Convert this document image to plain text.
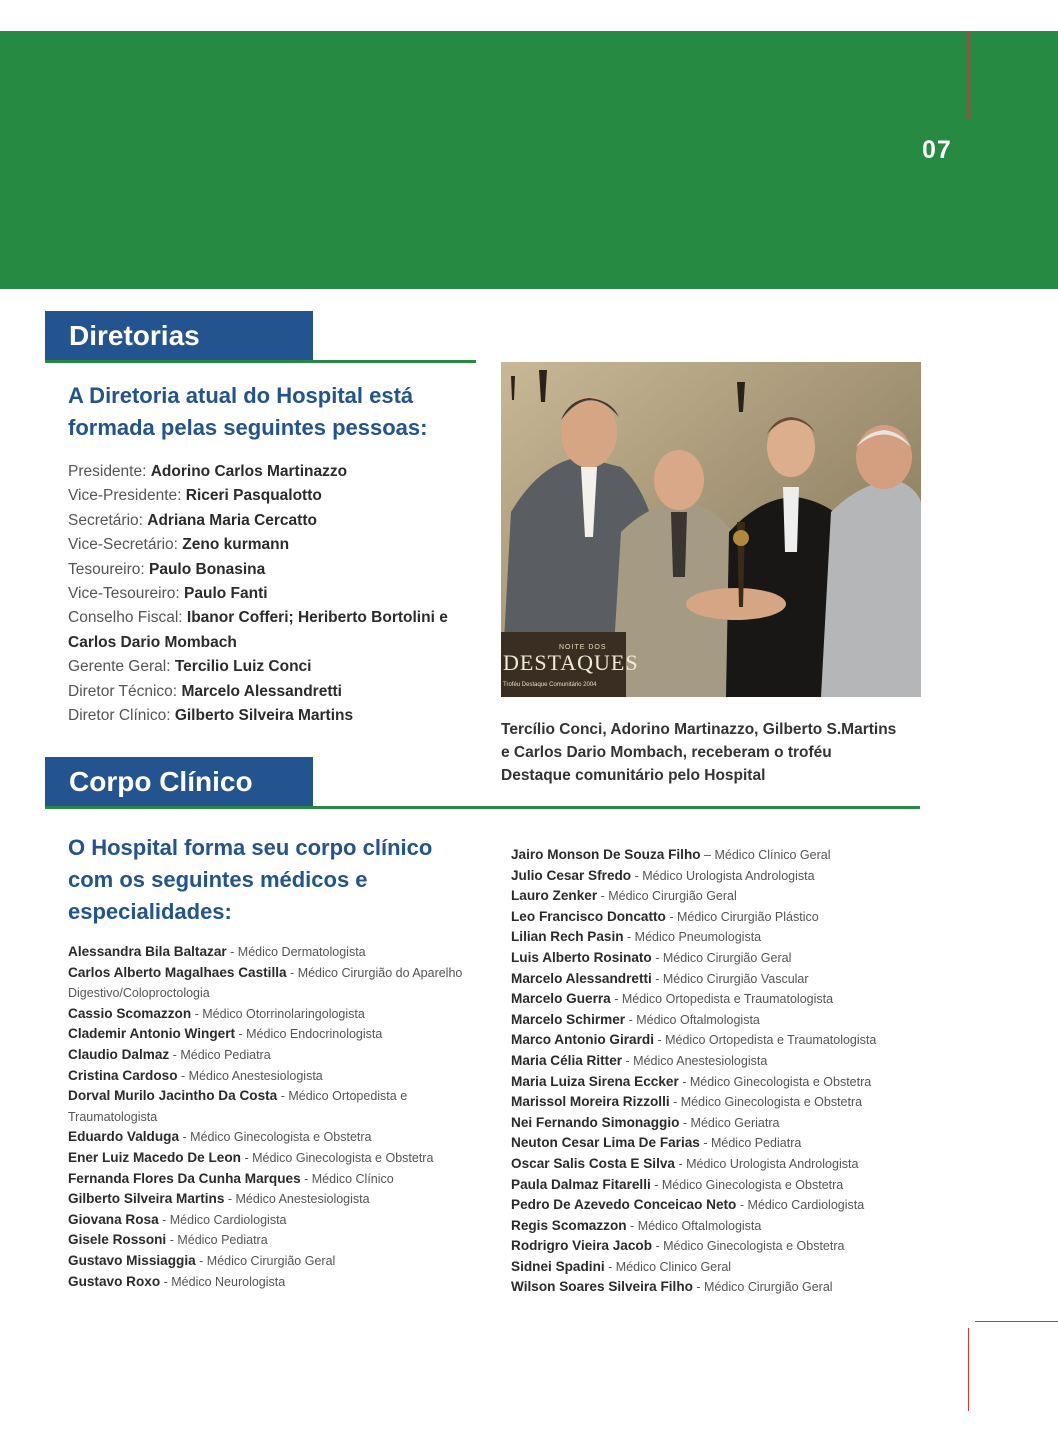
07
Diretorias
A Diretoria atual do Hospital está
formada pelas seguintes pessoas:
Presidente: Adorino Carlos Martinazzo
Vice-Presidente: Riceri Pasqualotto
Secretário: Adriana Maria Cercatto
Vice-Secretário: Zeno kurmann
Tesoureiro: Paulo Bonasina
Vice-Tesoureiro: Paulo Fanti
Conselho Fiscal: Ibanor Cofferi; Heriberto Bortolini e Carlos Dario Mombach
Gerente Geral: Tercilio Luiz Conci
Diretor Técnico: Marcelo Alessandretti
Diretor Clínico: Gilberto Silveira Martins
NOITE DOS
DESTAQUES
Troféu Destaque Comunitário 2004

Tercílio Conci, Adorino Martinazzo, Gilberto S.Martins e Carlos Dario Mombach, receberam o troféu Destaque comunitário pelo Hospital

Corpo Clínico
O Hospital forma seu corpo clínico
com os seguintes médicos e
especialidades:
Alessandra Bila Baltazar - Médico Dermatologista
Carlos Alberto Magalhaes Castilla - Médico Cirurgião do Aparelho Digestivo/Coloproctologia
Cassio Scomazzon - Médico Otorrinolaringologista
Clademir Antonio Wingert - Médico Endocrinologista
Claudio Dalmaz - Médico Pediatra
Cristina Cardoso - Médico Anestesiologista
Dorval Murilo Jacintho Da Costa - Médico Ortopedista e Traumatologista
Eduardo Valduga - Médico Ginecologista e Obstetra
Ener Luiz Macedo De Leon - Médico Ginecologista e Obstetra
Fernanda Flores Da Cunha Marques - Médico Clínico
Gilberto Silveira Martins - Médico Anestesiologista
Giovana Rosa - Médico Cardiologista
Gisele Rossoni - Médico Pediatra
Gustavo Missiaggia - Médico Cirurgião Geral
Gustavo Roxo - Médico Neurologista
Jairo Monson De Souza Filho – Médico Clínico Geral
Julio Cesar Sfredo - Médico Urologista Andrologista
Lauro Zenker - Médico Cirurgião Geral
Leo Francisco Doncatto - Médico Cirurgião Plástico
Lilian Rech Pasin - Médico Pneumologista
Luis Alberto Rosinato - Médico Cirurgião Geral
Marcelo Alessandretti - Médico Cirurgião Vascular
Marcelo Guerra - Médico Ortopedista e Traumatologista
Marcelo Schirmer - Médico Oftalmologista
Marco Antonio Girardi - Médico Ortopedista e Traumatologista
Maria Célia Ritter - Médico Anestesiologista
Maria Luiza Sirena Eccker - Médico Ginecologista e Obstetra
Marissol Moreira Rizzolli - Médico Ginecologista e Obstetra
Nei Fernando Simonaggio - Médico Geriatra
Neuton Cesar Lima De Farias - Médico Pediatra
Oscar Salis Costa E Silva - Médico Urologista Andrologista
Paula Dalmaz Fitarelli - Médico Ginecologista e Obstetra
Pedro De Azevedo Conceicao Neto - Médico Cardiologista
Regis Scomazzon - Médico Oftalmologista
Rodrigro Vieira Jacob - Médico Ginecologista e Obstetra
Sidnei Spadini - Médico Clinico Geral
Wilson Soares Silveira Filho - Médico Cirurgião Geral
